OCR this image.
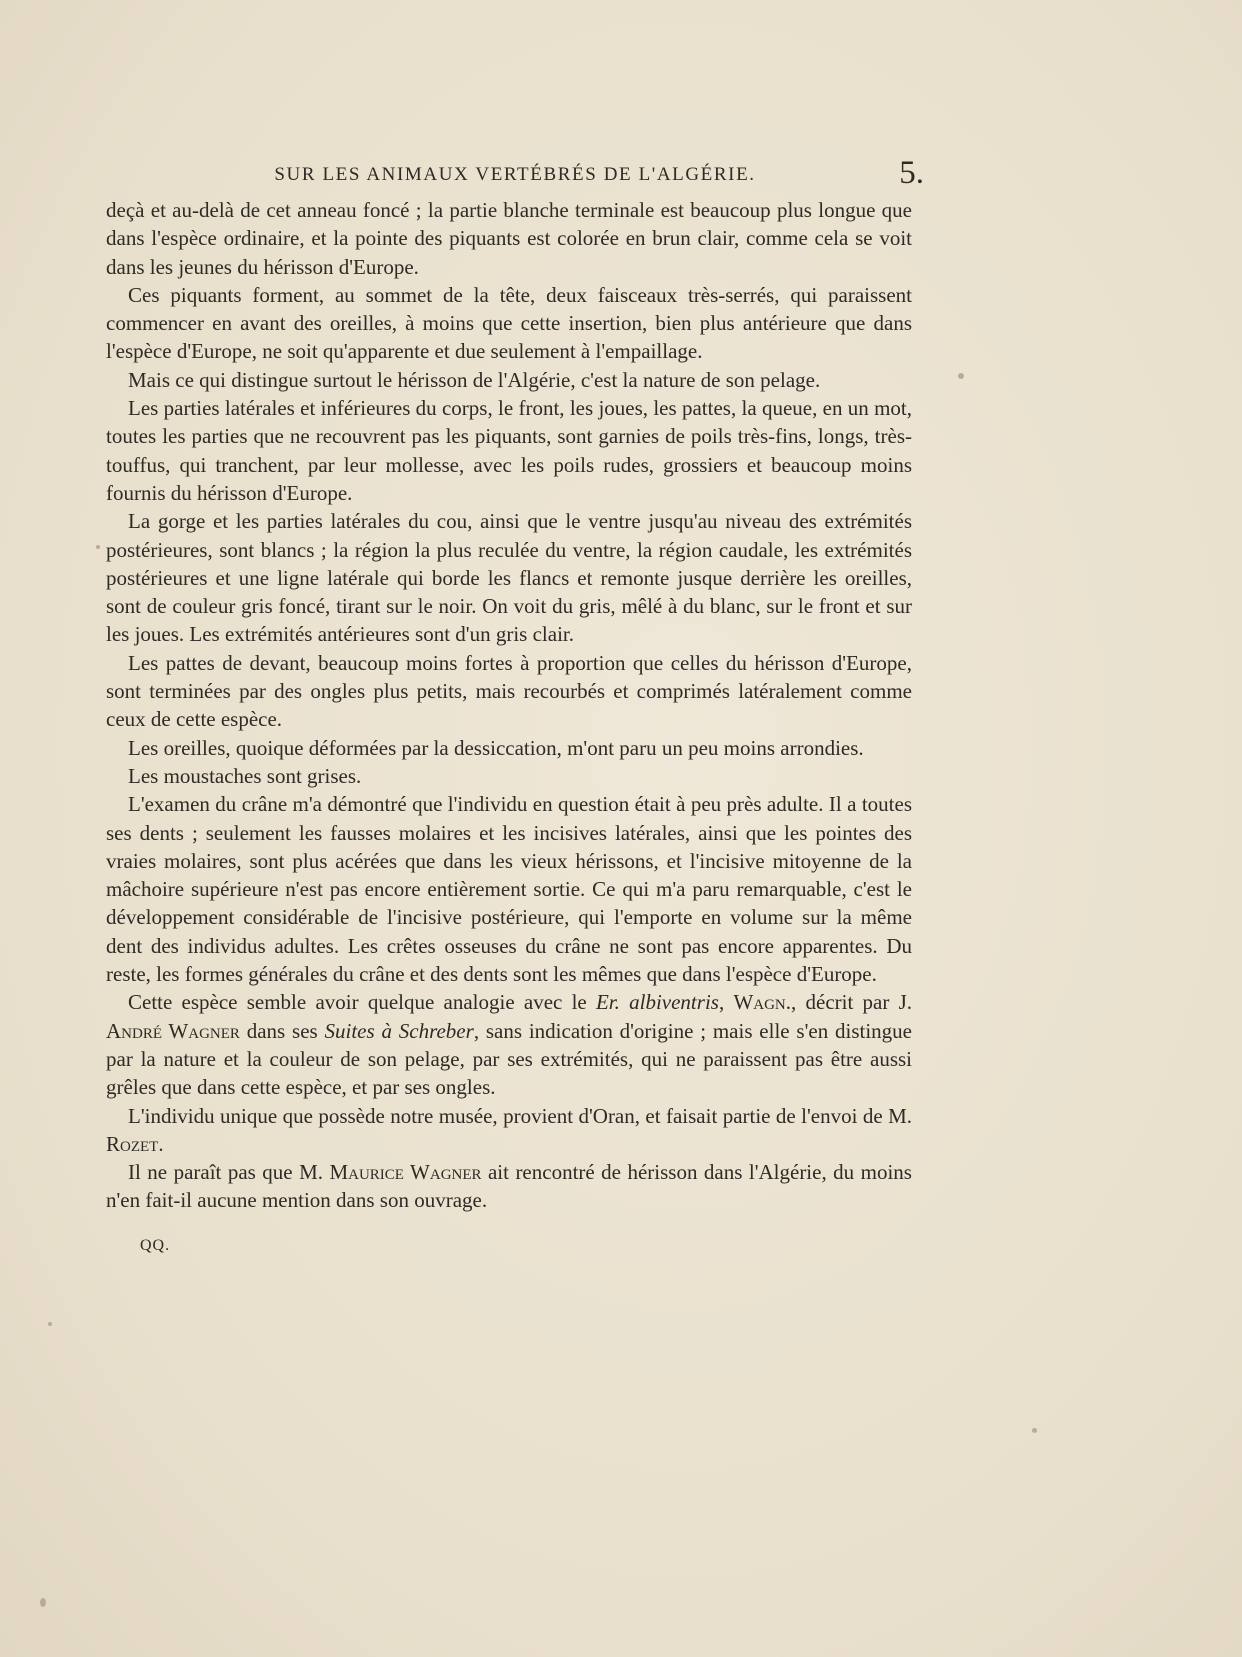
SUR LES ANIMAUX VERTÉBRÉS DE L'ALGÉRIE.	5.

deçà et au-delà de cet anneau foncé ; la partie blanche terminale est beaucoup plus longue que dans l'espèce ordinaire, et la pointe des piquants est colorée en brun clair, comme cela se voit dans les jeunes du hérisson d'Europe.

Ces piquants forment, au sommet de la tête, deux faisceaux très-serrés, qui paraissent commencer en avant des oreilles, à moins que cette insertion, bien plus antérieure que dans l'espèce d'Europe, ne soit qu'apparente et due seulement à l'empaillage.

Mais ce qui distingue surtout le hérisson de l'Algérie, c'est la nature de son pelage.

Les parties latérales et inférieures du corps, le front, les joues, les pattes, la queue, en un mot, toutes les parties que ne recouvrent pas les piquants, sont garnies de poils très-fins, longs, très-touffus, qui tranchent, par leur mollesse, avec les poils rudes, grossiers et beaucoup moins fournis du hérisson d'Europe.

La gorge et les parties latérales du cou, ainsi que le ventre jusqu'au niveau des extrémités postérieures, sont blancs ; la région la plus reculée du ventre, la région caudale, les extrémités postérieures et une ligne latérale qui borde les flancs et remonte jusque derrière les oreilles, sont de couleur gris foncé, tirant sur le noir. On voit du gris, mêlé à du blanc, sur le front et sur les joues. Les extrémités antérieures sont d'un gris clair.

Les pattes de devant, beaucoup moins fortes à proportion que celles du hérisson d'Europe, sont terminées par des ongles plus petits, mais recourbés et comprimés latéralement comme ceux de cette espèce.

Les oreilles, quoique déformées par la dessiccation, m'ont paru un peu moins arrondies.

Les moustaches sont grises.

L'examen du crâne m'a démontré que l'individu en question était à peu près adulte. Il a toutes ses dents ; seulement les fausses molaires et les incisives latérales, ainsi que les pointes des vraies molaires, sont plus acérées que dans les vieux hérissons, et l'incisive mitoyenne de la mâchoire supérieure n'est pas encore entièrement sortie. Ce qui m'a paru remarquable, c'est le développement considérable de l'incisive postérieure, qui l'emporte en volume sur la même dent des individus adultes. Les crêtes osseuses du crâne ne sont pas encore apparentes. Du reste, les formes générales du crâne et des dents sont les mêmes que dans l'espèce d'Europe.

Cette espèce semble avoir quelque analogie avec le Er. albiventris, Wagn., décrit par J. André Wagner dans ses Suites à Schreber, sans indication d'origine ; mais elle s'en distingue par la nature et la couleur de son pelage, par ses extrémités, qui ne paraissent pas être aussi grêles que dans cette espèce, et par ses ongles.

L'individu unique que possède notre musée, provient d'Oran, et faisait partie de l'envoi de M. Rozet.

Il ne paraît pas que M. Maurice Wagner ait rencontré de hérisson dans l'Algérie, du moins n'en fait-il aucune mention dans son ouvrage.

QQ.
